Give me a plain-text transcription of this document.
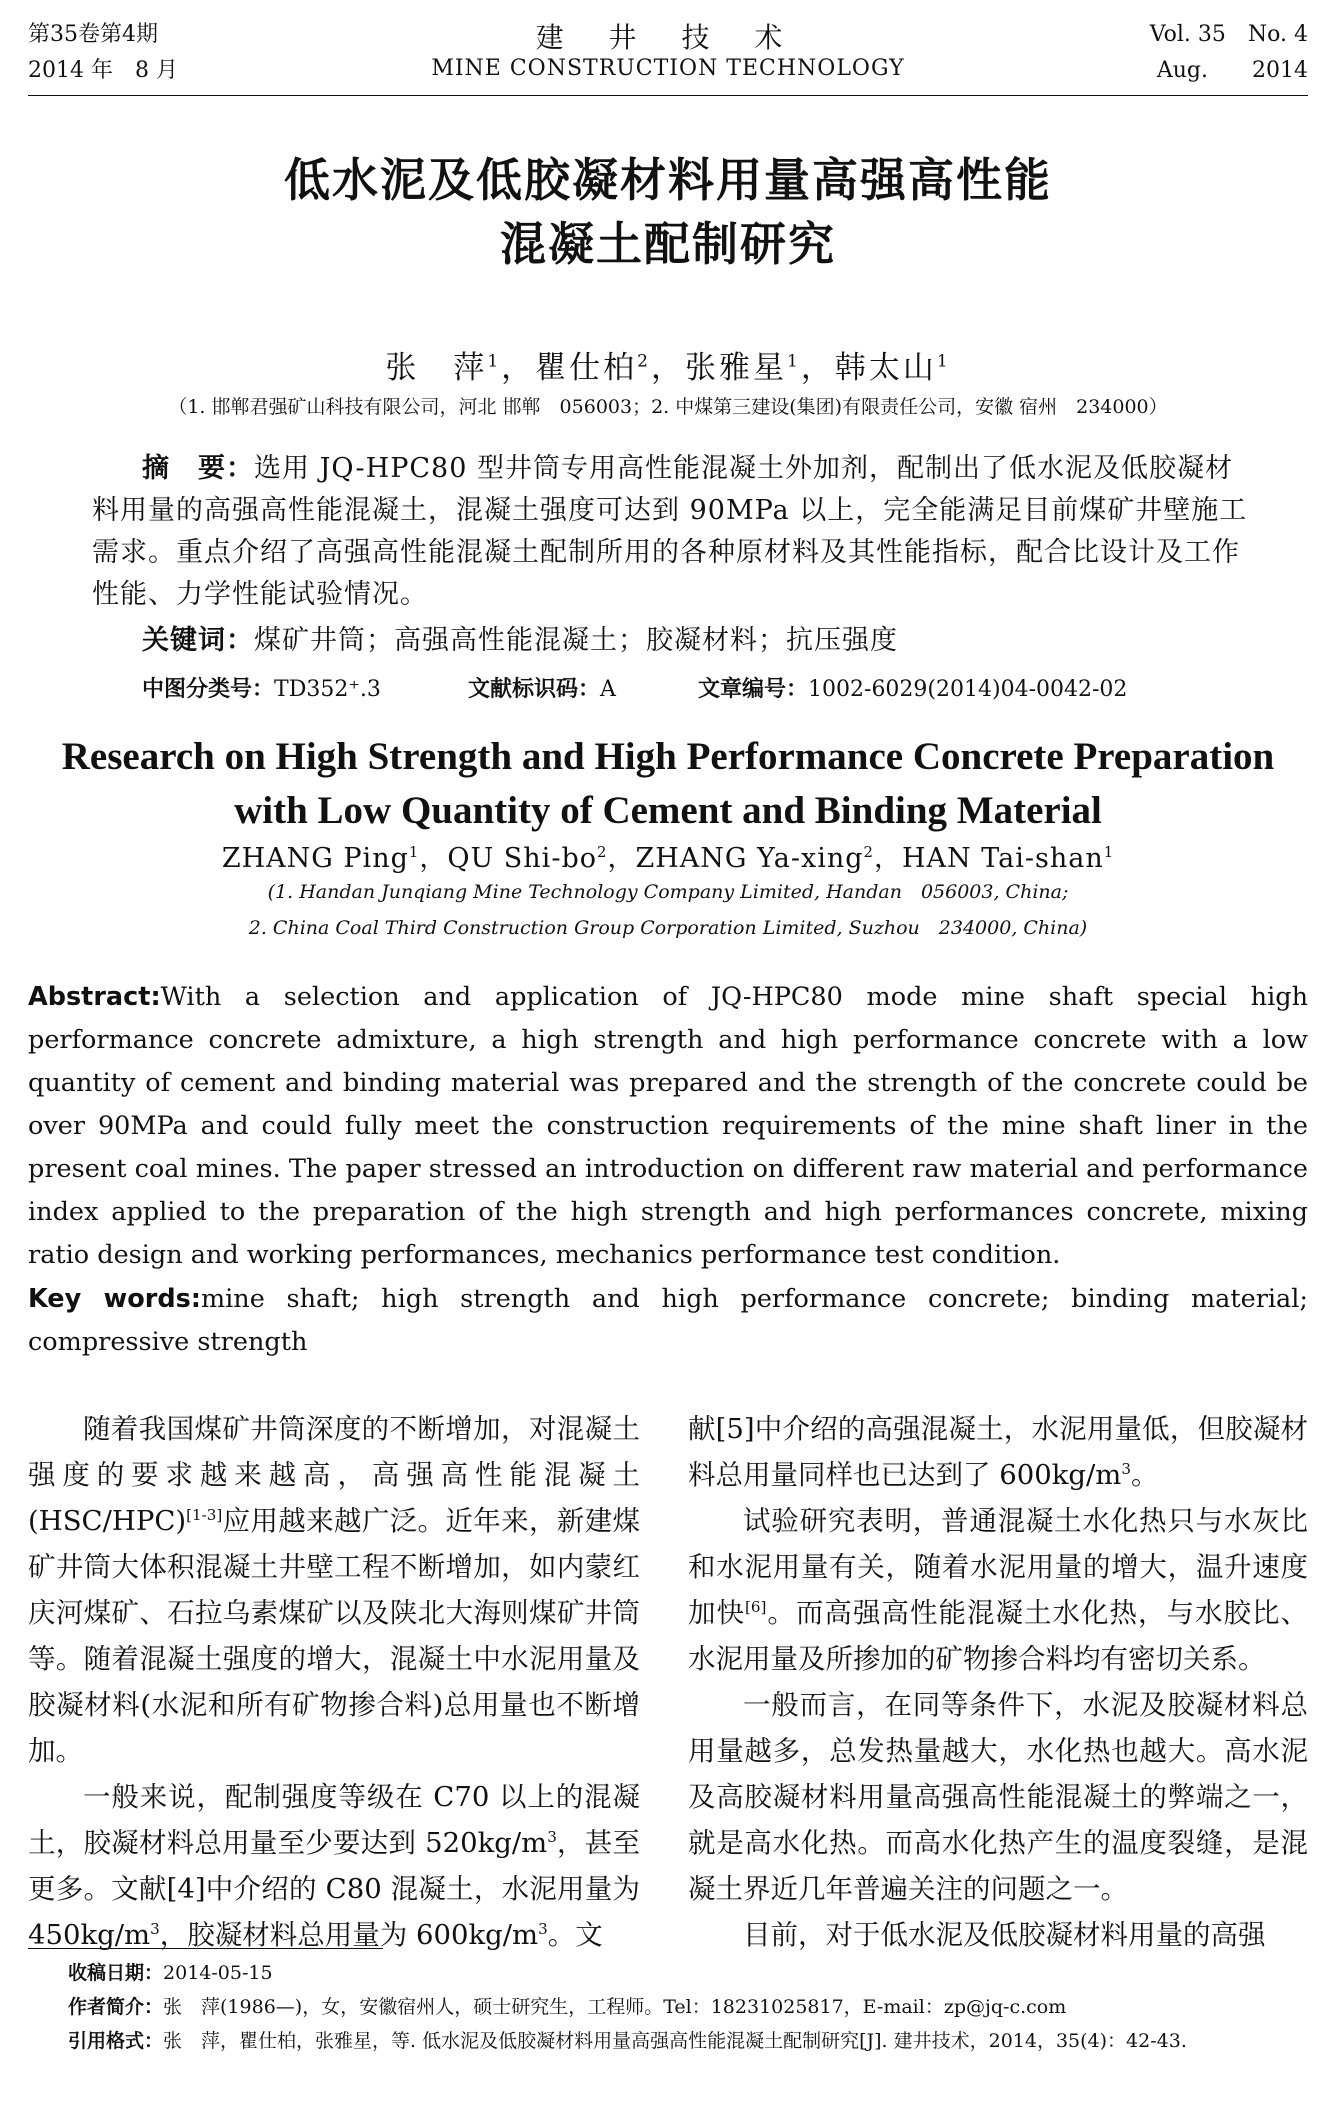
第35卷第4期
2014 年　8 月
建 井 技 术
MINE CONSTRUCTION TECHNOLOGY
Vol. 35　No. 4
Aug.　　2014
低水泥及低胶凝材料用量高强高性能
混凝土配制研究
张　萍$^1$，瞿仕柏$^2$，张雅星$^1$，韩太山$^1$
（1. 邯郸君强矿山科技有限公司，河北 邯郸　056003；2. 中煤第三建设(集团)有限责任公司，安徽 宿州　234000）
摘　要：选用 JQ-HPC80 型井筒专用高性能混凝土外加剂，配制出了低水泥及低胶凝材料用量的高强高性能混凝土，混凝土强度可达到 90MPa 以上，完全能满足目前煤矿井壁施工需求。重点介绍了高强高性能混凝土配制所用的各种原材料及其性能指标，配合比设计及工作性能、力学性能试验情况。
关键词：煤矿井筒；高强高性能混凝土；胶凝材料；抗压强度
中图分类号：TD352⁺.3	文献标识码：A	文章编号：1002-6029(2014)04-0042-02
Research on High Strength and High Performance Concrete Preparation
with Low Quantity of Cement and Binding Material
ZHANG Ping$^1$，QU Shi-$bo^2$，ZHANG Ya-xing$^2$，HAN Tai-shan$^1$
(1. Handan Junqiang Mine Technology Company Limited, Handan　056003, China;
2. China Coal Third Construction Group Corporation Limited, Suzhou　234000, China)
Abstract:With a selection and application of JQ-HPC80 mode mine shaft special high performance concrete admixture, a high strength and high performance concrete with a low quantity of cement and binding material was prepared and the strength of the concrete could be over 90MPa and could fully meet the construction requirements of the mine shaft liner in the present coal mines. The paper stressed an introduction on different raw material and performance index applied to the preparation of the high strength and high performances concrete, mixing ratio design and working performances, mechanics performance test condition.
Key words:mine shaft; high strength and high performance concrete; binding material; compressive strength

随着我国煤矿井筒深度的不断增加，对混凝土强度的要求越来越高，高强高性能混凝土(HSC/HPC)[1-3]应用越来越广泛。近年来，新建煤矿井筒大体积混凝土井壁工程不断增加，如内蒙红庆河煤矿、石拉乌素煤矿以及陕北大海则煤矿井筒等。随着混凝土强度的增大，混凝土中水泥用量及胶凝材料(水泥和所有矿物掺合料)总用量也不断增加。

一般来说，配制强度等级在 C70 以上的混凝土，胶凝材料总用量至少要达到 $520kg/m^3$，甚至更多。文献[4]中介绍的 C80 混凝土，水泥用量为 $450kg/m^3$，胶凝材料总用量为 $600kg/m^3$。文

献[5]中介绍的高强混凝土，水泥用量低，但胶凝材料总用量同样也已达到了 $600kg/m^3$。

试验研究表明，普通混凝土水化热只与水灰比和水泥用量有关，随着水泥用量的增大，温升速度加快[6]。而高强高性能混凝土水化热，与水胶比、水泥用量及所掺加的矿物掺合料均有密切关系。

一般而言，在同等条件下，水泥及胶凝材料总用量越多，总发热量越大，水化热也越大。高水泥及高胶凝材料用量高强高性能混凝土的弊端之一，就是高水化热。而高水化热产生的温度裂缝，是混凝土界近几年普遍关注的问题之一。

目前，对于低水泥及低胶凝材料用量的高强

收稿日期：2014-05-15
作者简介：张　萍(1986—)，女，安徽宿州人，硕士研究生，工程师。Tel：18231025817，E-mail：zp@jq-c.com
引用格式：张　萍，瞿仕柏，张雅星，等. 低水泥及低胶凝材料用量高强高性能混凝土配制研究[J]. 建井技术，2014，35(4)：42-43.
